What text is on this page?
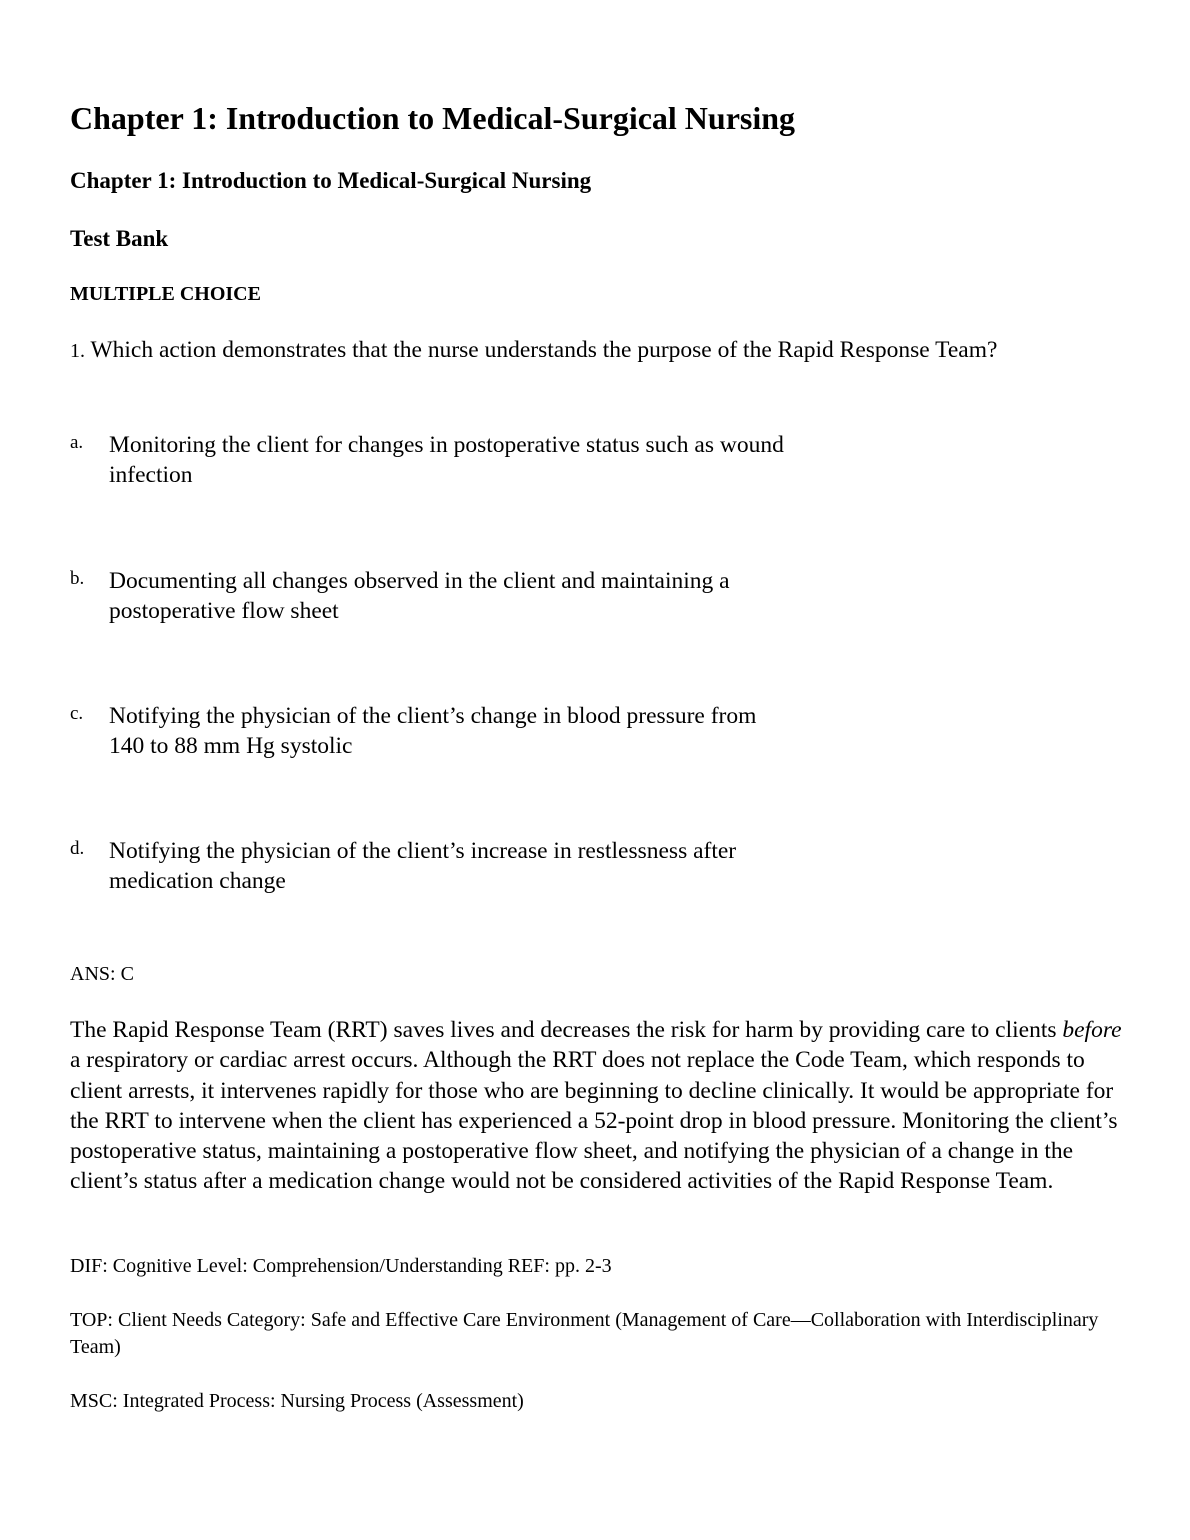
Chapter 1: Introduction to Medical-Surgical Nursing
Chapter 1: Introduction to Medical-Surgical Nursing
Test Bank
MULTIPLE CHOICE
1. Which action demonstrates that the nurse understands the purpose of the Rapid Response Team?
a. Monitoring the client for changes in postoperative status such as wound
infection
b. Documenting all changes observed in the client and maintaining a
postoperative flow sheet
c. Notifying the physician of the client’s change in blood pressure from
140 to 88 mm Hg systolic
d. Notifying the physician of the client’s increase in restlessness after
medication change
ANS: C
The Rapid Response Team (RRT) saves lives and decreases the risk for harm by providing care to clients before a respiratory or cardiac arrest occurs. Although the RRT does not replace the Code Team, which responds to client arrests, it intervenes rapidly for those who are beginning to decline clinically. It would be appropriate for the RRT to intervene when the client has experienced a 52-point drop in blood pressure. Monitoring the client’s postoperative status, maintaining a postoperative flow sheet, and notifying the physician of a change in the client’s status after a medication change would not be considered activities of the Rapid Response Team.
DIF: Cognitive Level: Comprehension/Understanding REF: pp. 2-3
TOP: Client Needs Category: Safe and Effective Care Environment (Management of Care—Collaboration with Interdisciplinary Team)
MSC: Integrated Process: Nursing Process (Assessment)
